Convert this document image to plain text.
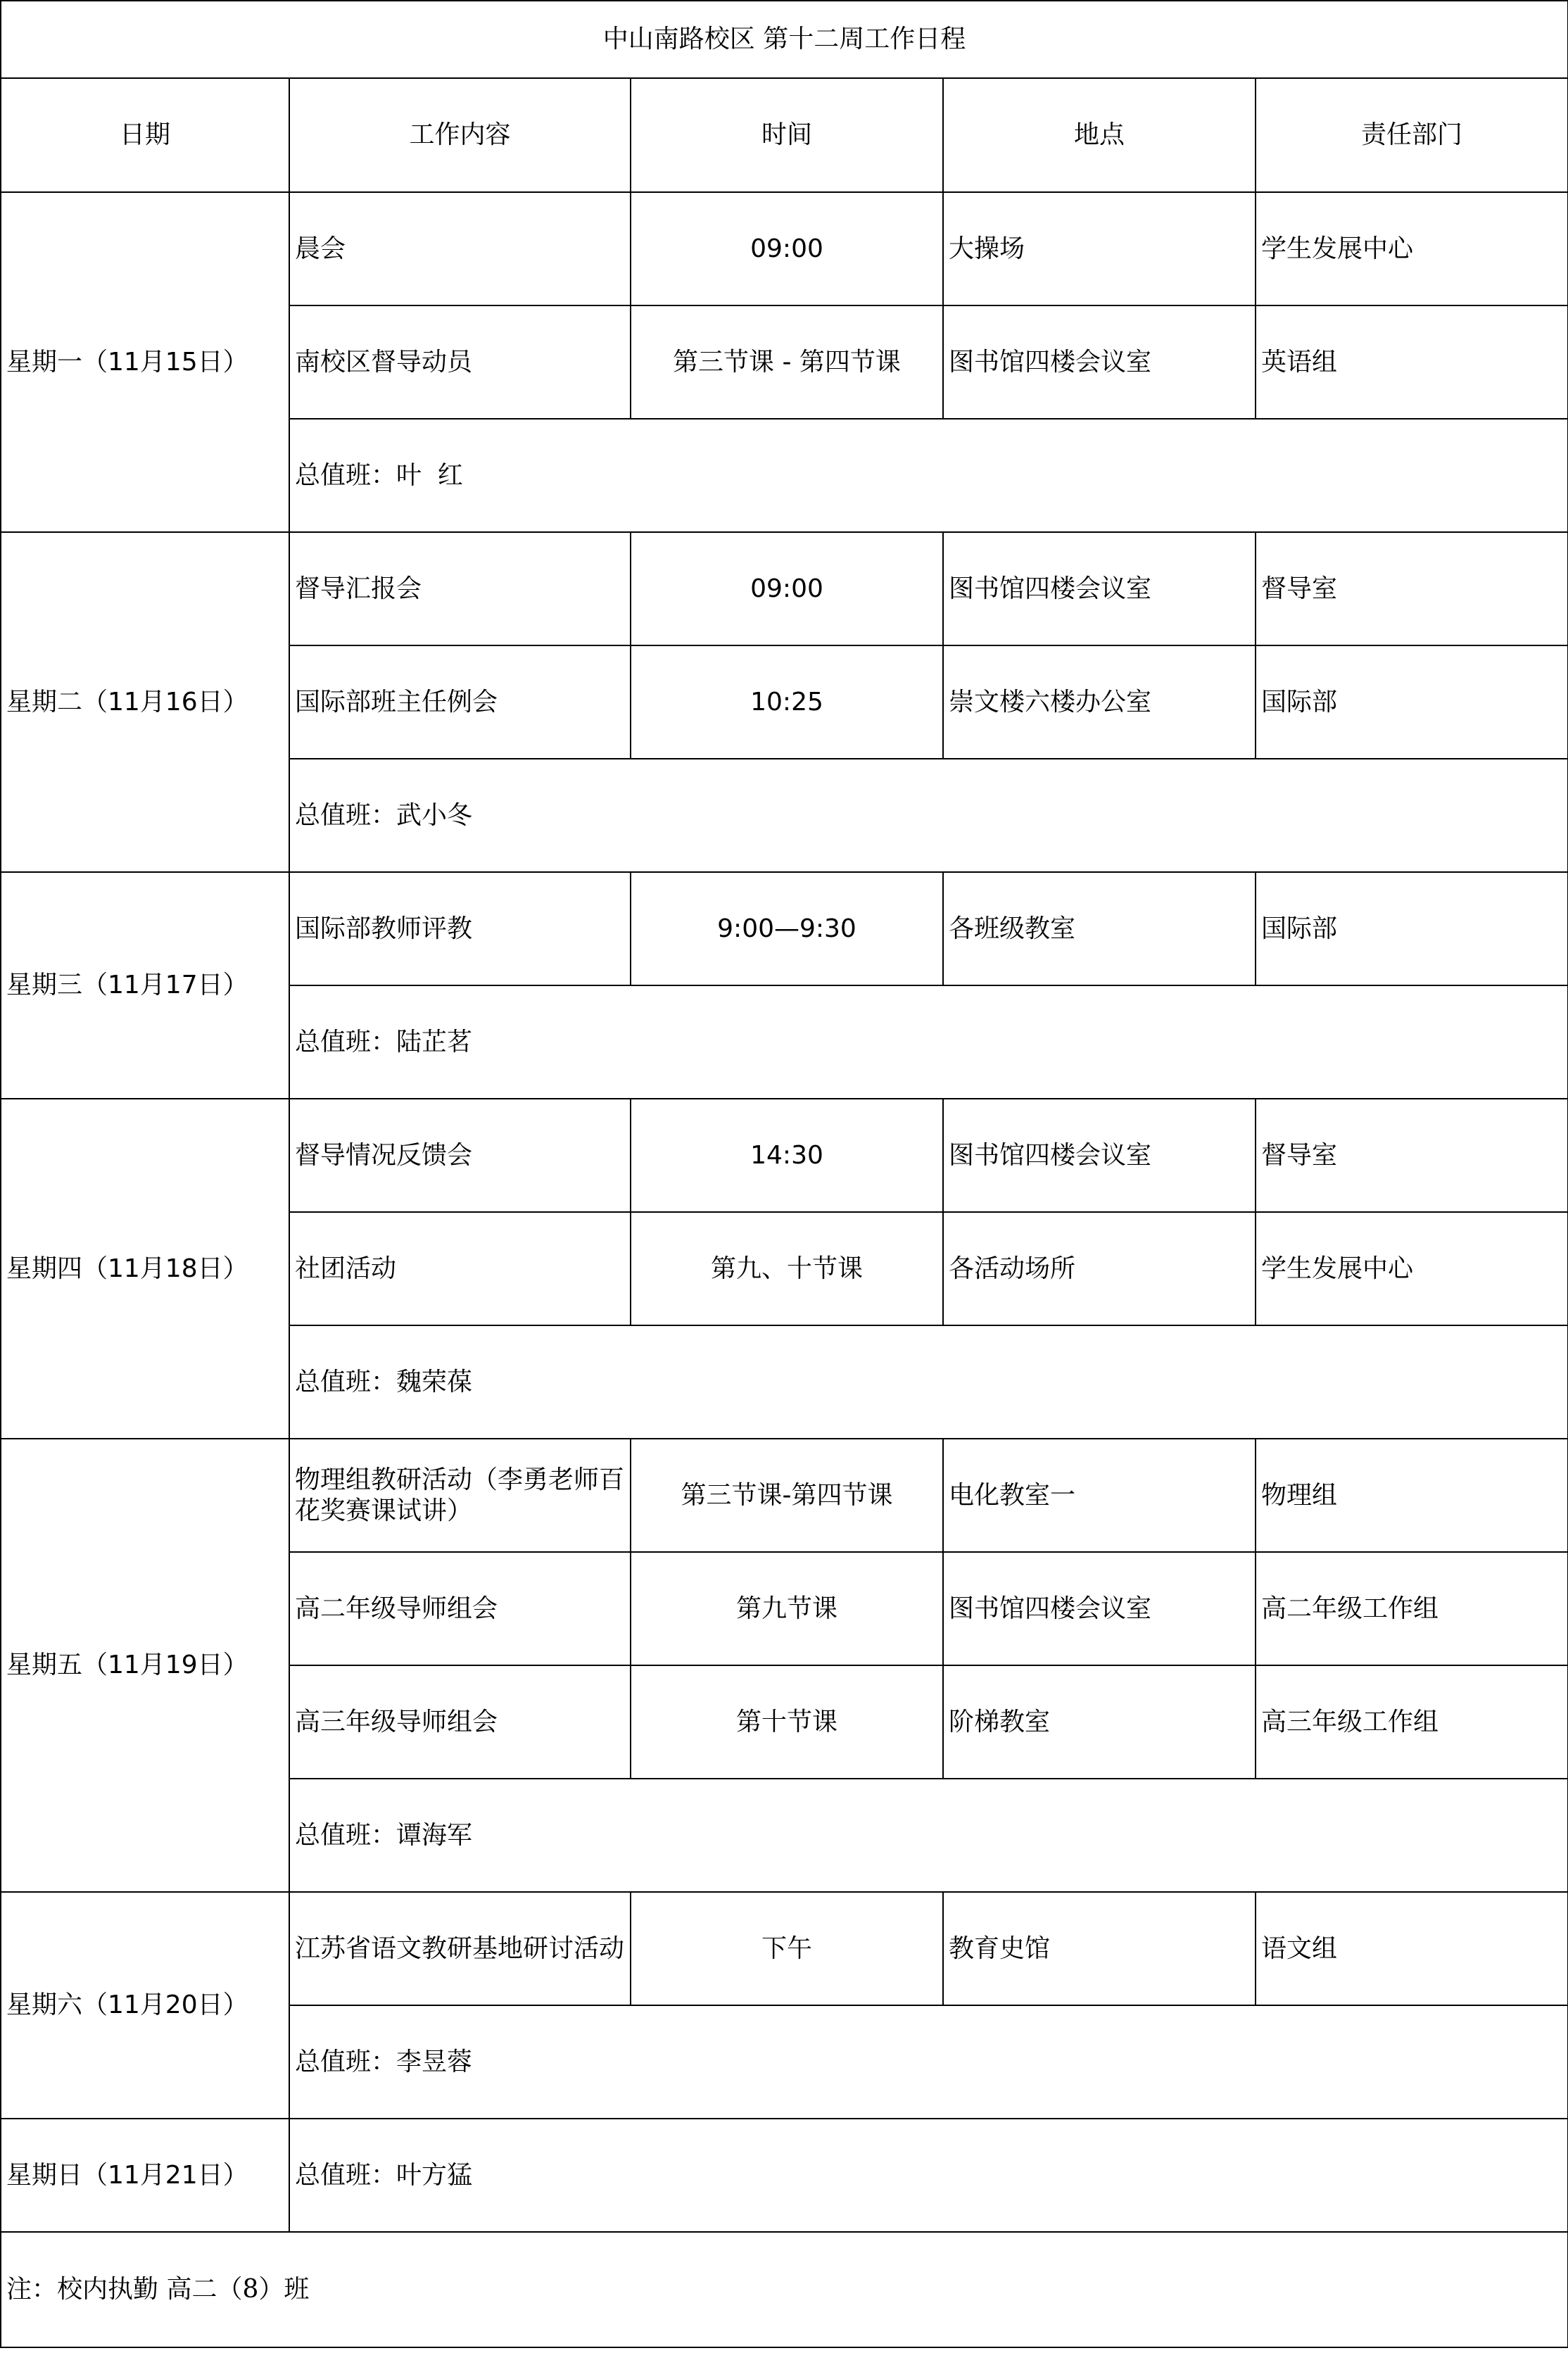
中山南路校区 第十二周工作日程				
日期	工作内容	时间	地点	责任部门
星期一（11月15日）	晨会	09:00	大操场	学生发展中心
	南校区督导动员	第三节课 - 第四节课	图书馆四楼会议室	英语组
	总值班：叶  红			
星期二（11月16日）	督导汇报会	09:00	图书馆四楼会议室	督导室
	国际部班主任例会	10:25	崇文楼六楼办公室	国际部
	总值班：武小冬			
星期三（11月17日）	国际部教师评教	9:00—9:30	各班级教室	国际部
	总值班：陆芷茗			
星期四（11月18日）	督导情况反馈会	14:30	图书馆四楼会议室	督导室
	社团活动	第九、十节课	各活动场所	学生发展中心
	总值班：魏荣葆			
星期五（11月19日）	物理组教研活动（李勇老师百花奖赛课试讲）	第三节课-第四节课	电化教室一	物理组
	高二年级导师组会	第九节课	图书馆四楼会议室	高二年级工作组
	高三年级导师组会	第十节课	阶梯教室	高三年级工作组
	总值班：谭海军			
星期六（11月20日）	江苏省语文教研基地研讨活动	下午	教育史馆	语文组
	总值班：李昱蓉			
星期日（11月21日）	总值班：叶方猛			
注：校内执勤 高二（8）班				
